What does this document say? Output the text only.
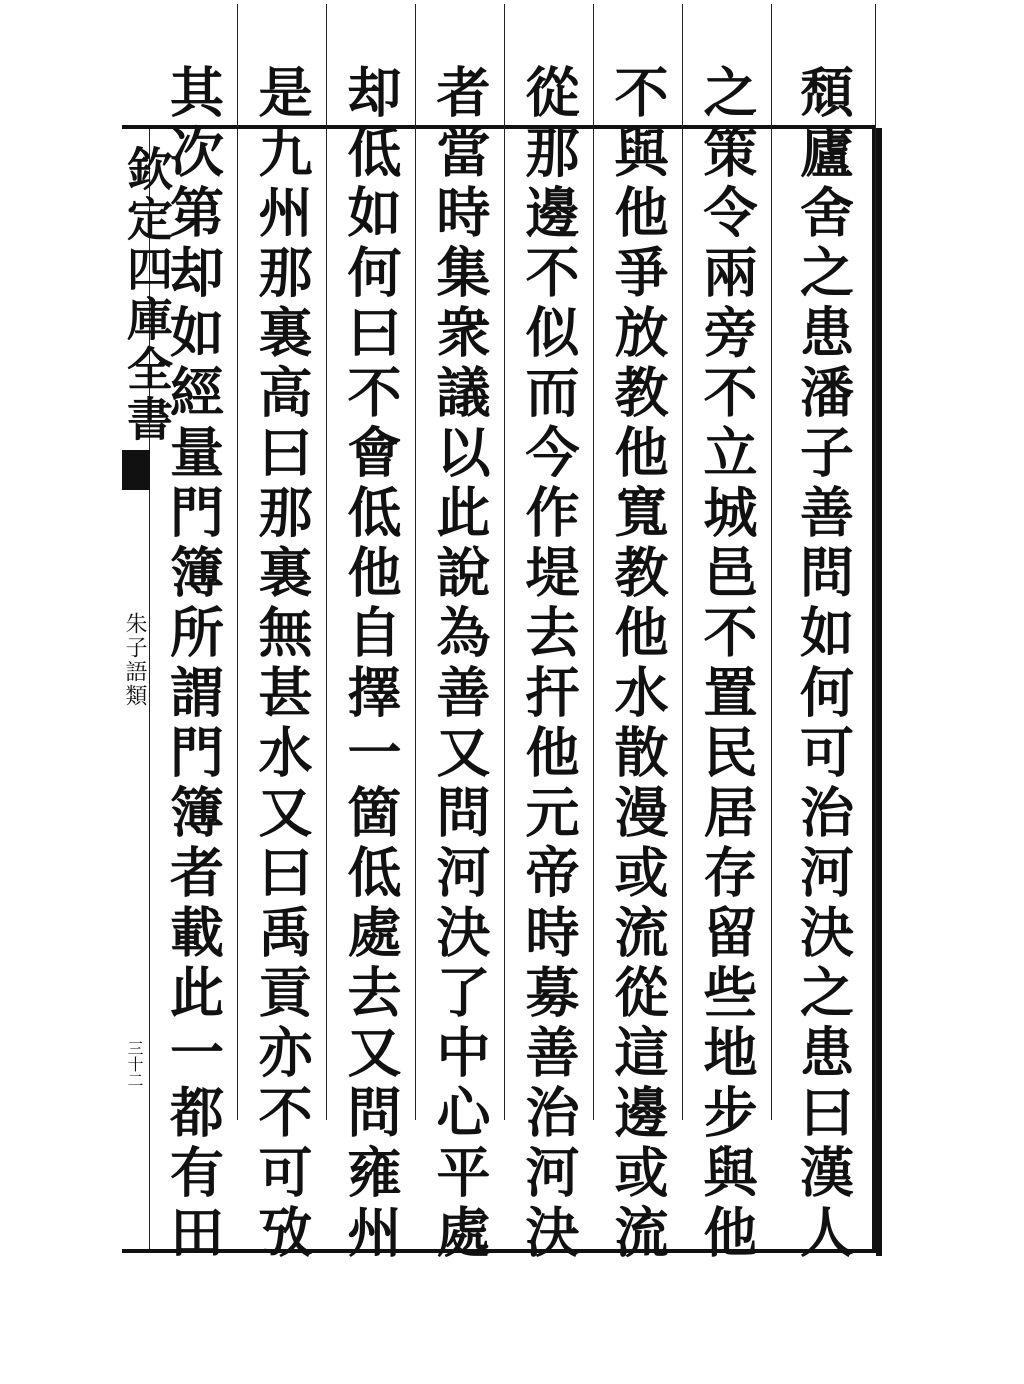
欽定四庫全書
朱子語類
三十二	頹廬舍之患潘子善問如何可治河決之患曰漢人
之策令兩旁不立城邑不置民居存留些地步與他
不與他爭放教他寬教他水散漫或流從這邊或流
從那邊不似而今作堤去扞他元帝時募善治河決
者當時集衆議以此說為善又問河決了中心平處
却低如何曰不會低他自擇一箇低處去又問雍州
是九州那裏高曰那裏無甚水又曰禹貢亦不可攷
其次第却如經量門簿所謂門簿者載此一都有田
